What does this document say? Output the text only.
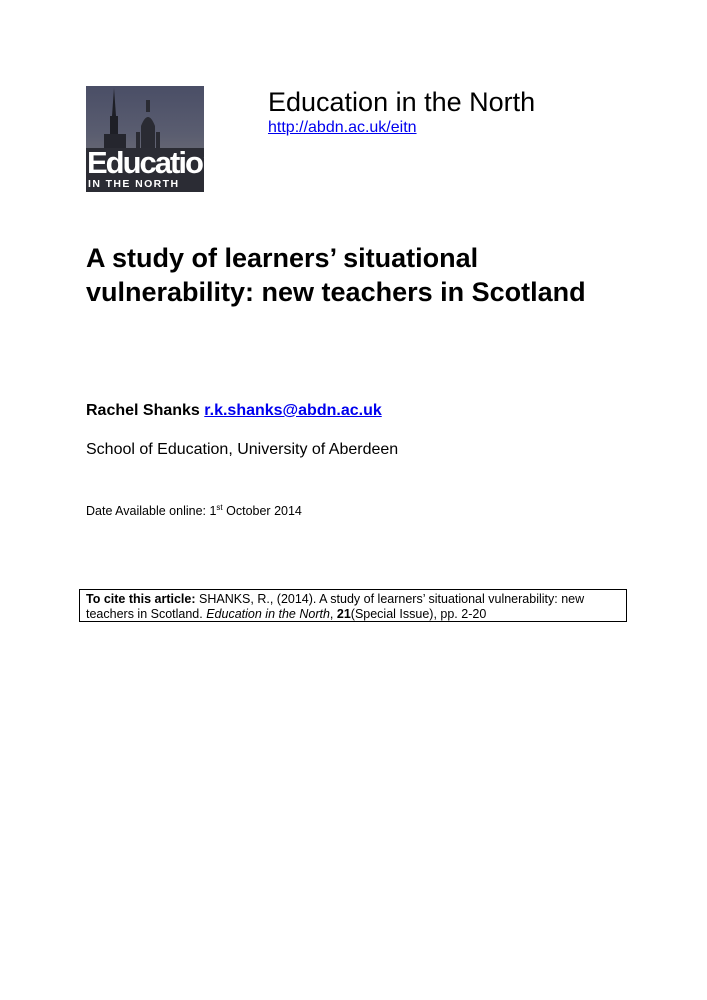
Education
IN THE NORTH
Education in the North
http://abdn.ac.uk/eitn
A study of learners’ situational vulnerability: new teachers in Scotland
Rachel Shanks r.k.shanks@abdn.ac.uk
School of Education, University of Aberdeen
Date Available online: 1st October 2014
To cite this article: SHANKS, R., (2014). A study of learners’ situational vulnerability: new teachers in Scotland. Education in the North, 21(Special Issue), pp. 2-20
